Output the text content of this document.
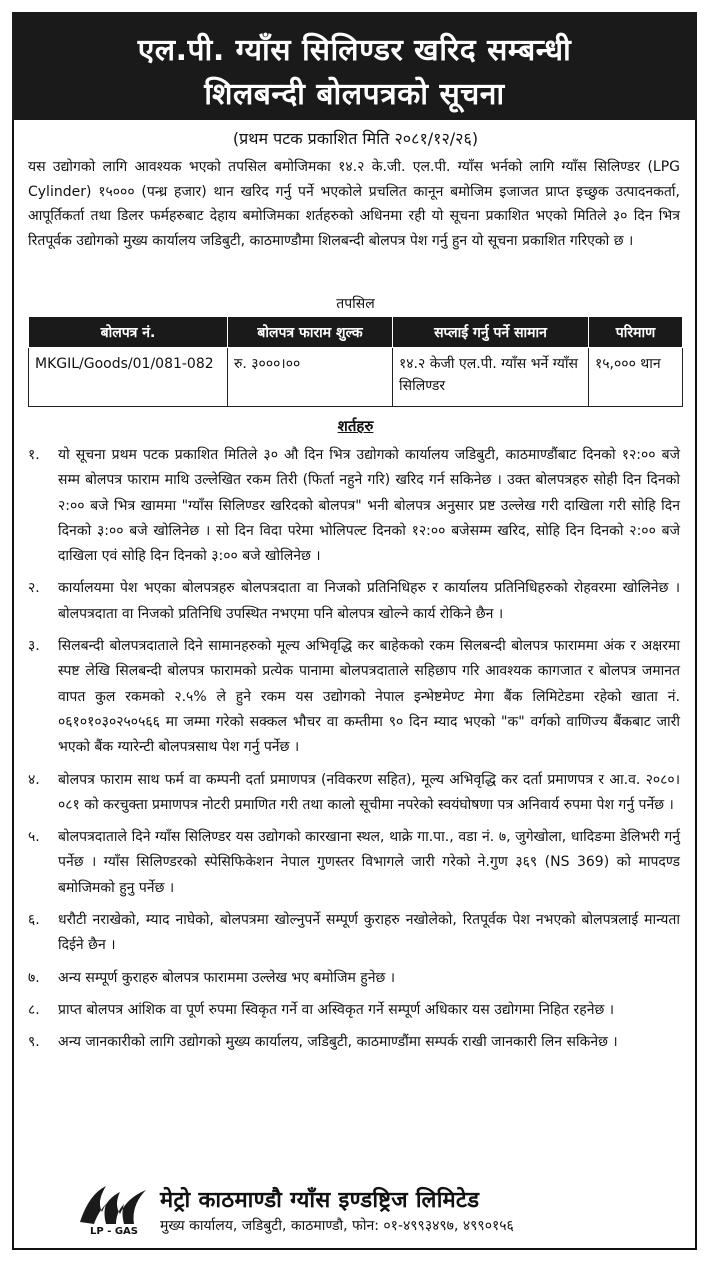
एल.पी. ग्याँस सिलिण्डर खरिद सम्बन्धी
शिलबन्दी बोलपत्रको सूचना
(प्रथम पटक प्रकाशित मिति २०८१/१२/२६)
यस उद्योगको लागि आवश्यक भएको तपसिल बमोजिमका १४.२ के.जी. एल.पी. ग्याँस भर्नको लागि ग्याँस सिलिण्डर (LPG Cylinder) १५००० (पन्ध्र हजार) थान खरिद गर्नु पर्ने भएकोले प्रचलित कानून बमोजिम इजाजत प्राप्त इच्छुक उत्पादनकर्ता, आपूर्तिकर्ता तथा डिलर फर्महरुबाट देहाय बमोजिमका शर्तहरुको अधिनमा रही यो सूचना प्रकाशित भएको मितिले ३० दिन भित्र रितपूर्वक उद्योगको मुख्य कार्यालय जडिबुटी, काठमाण्डौमा शिलबन्दी बोलपत्र पेश गर्नु हुन यो सूचना प्रकाशित गरिएको छ ।
तपसिल
बोलपत्र नं.	बोलपत्र फाराम शुल्क	सप्लाई गर्नु पर्ने सामान	परिमाण
MKGIL/Goods/01/081-082	रु. ३०००।००	१४.२ केजी एल.पी. ग्याँस भर्ने ग्याँस सिलिण्डर	१५,००० थान
शर्तहरु
१.	यो सूचना प्रथम पटक प्रकाशित मितिले ३० औ दिन भित्र उद्योगको कार्यालय जडिबुटी, काठमाण्डौंबाट दिनको १२:०० बजे सम्म बोलपत्र फाराम माथि उल्लेखित रकम तिरी (फिर्ता नहुने गरि) खरिद गर्न सकिनेछ । उक्त बोलपत्रहरु सोही दिन दिनको २:०० बजे भित्र खाममा "ग्याँस सिलिण्डर खरिदको बोलपत्र" भनी बोलपत्र अनुसार प्रष्ट उल्लेख गरी दाखिला गरी सोहि दिन दिनको ३:०० बजे खोलिनेछ । सो दिन विदा परेमा भोलिपल्ट दिनको १२:०० बजेसम्म खरिद, सोहि दिन दिनको २:०० बजे दाखिला एवं सोहि दिन दिनको ३:०० बजे खोलिनेछ ।
२.	कार्यालयमा पेश भएका बोलपत्रहरु बोलपत्रदाता वा निजको प्रतिनिधिहरु र कार्यालय प्रतिनिधिहरुको रोहवरमा खोलिनेछ । बोलपत्रदाता वा निजको प्रतिनिधि उपस्थित नभएमा पनि बोलपत्र खोल्ने कार्य रोकिने छैन ।
३.	सिलबन्दी बोलपत्रदाताले दिने सामानहरुको मूल्य अभिवृद्धि कर बाहेकको रकम सिलबन्दी बोलपत्र फाराममा अंक र अक्षरमा स्पष्ट लेखि सिलबन्दी बोलपत्र फारामको प्रत्येक पानामा बोलपत्रदाताले सहिछाप गरि आवश्यक कागजात र बोलपत्र जमानत वापत कुल रकमको २.५% ले हुने रकम यस उद्योगको नेपाल इन्भेष्टमेण्ट मेगा बैंक लिमिटेडमा रहेको खाता नं. ०६१०१०३०२५०५६६ मा जम्मा गरेको सक्कल भौचर वा कम्तीमा ९० दिन म्याद भएको "क" वर्गको वाणिज्य बैंकबाट जारी भएको बैंक ग्यारेन्टी बोलपत्रसाथ पेश गर्नु पर्नेछ ।
४.	बोलपत्र फाराम साथ फर्म वा कम्पनी दर्ता प्रमाणपत्र (नविकरण सहित), मूल्य अभिवृद्धि कर दर्ता प्रमाणपत्र र आ.व. २०८०।०८१ को करचुक्ता प्रमाणपत्र नोटरी प्रमाणित गरी तथा कालो सूचीमा नपरेको स्वयंघोषणा पत्र अनिवार्य रुपमा पेश गर्नु पर्नेछ ।
५.	बोलपत्रदाताले दिने ग्याँस सिलिण्डर यस उद्योगको कारखाना स्थल, थाक्रे गा.पा., वडा नं. ७, जुगेखोला, धादिङमा डेलिभरी गर्नु पर्नेछ । ग्याँस सिलिण्डरको स्पेसिफिकेशन नेपाल गुणस्तर विभागले जारी गरेको ने.गुण ३६९ (NS 369) को मापदण्ड बमोजिमको हुनु पर्नेछ ।
६.	धरौटी नराखेको, म्याद नाघेको, बोलपत्रमा खोल्नुपर्ने सम्पूर्ण कुराहरु नखोलेको, रितपूर्वक पेश नभएको बोलपत्रलाई मान्यता दिईने छैन ।
७.	अन्य सम्पूर्ण कुराहरु बोलपत्र फाराममा उल्लेख भए बमोजिम हुनेछ ।
८.	प्राप्त बोलपत्र आंशिक वा पूर्ण रुपमा स्विकृत गर्ने वा अस्विकृत गर्ने सम्पूर्ण अधिकार यस उद्योगमा निहित रहनेछ ।
९.	अन्य जानकारीको लागि उद्योगको मुख्य कार्यालय, जडिबुटी, काठमाण्डौंमा सम्पर्क राखी जानकारी लिन सकिनेछ ।
LP - GAS
मेट्रो काठमाण्डौ ग्याँस इण्डष्ट्रिज लिमिटेड
मुख्य कार्यालय, जडिबुटी, काठमाण्डौ, फोन: ०१-४९९३४९७, ४९९०१५६
